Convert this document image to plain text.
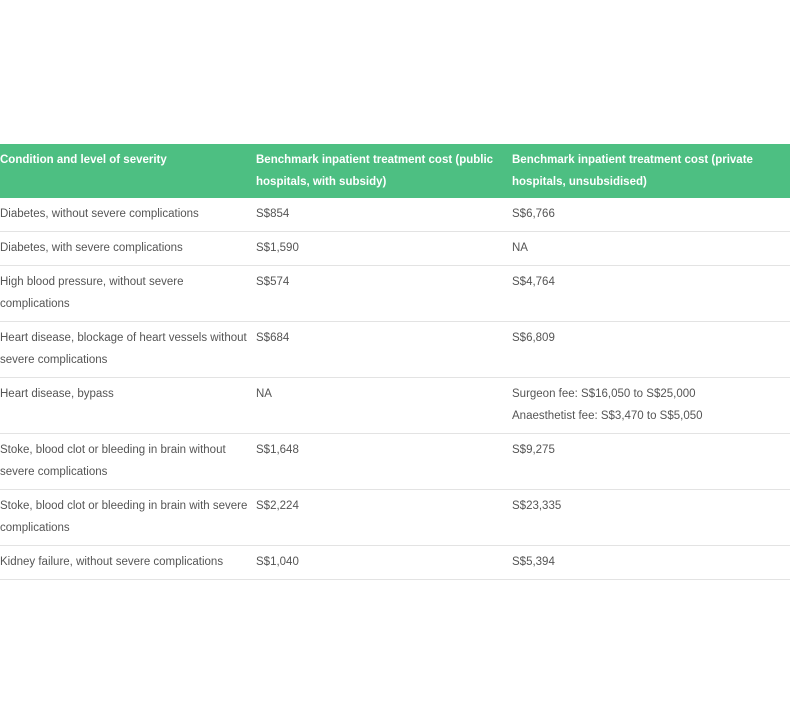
Condition and level of severity	Benchmark inpatient treatment cost (public hospitals, with subsidy)	Benchmark inpatient treatment cost (private hospitals, unsubsidised)
Diabetes, without severe complications	S$854	S$6,766

Diabetes, with severe complications	S$1,590	NA

High blood pressure, without severe complications	S$574	S$4,764

Heart disease, blockage of heart vessels without severe complications	S$684	S$6,809

Heart disease, bypass	NA	Surgeon fee: S$16,050 to S$25,000
Anaesthetist fee: S$3,470 to S$5,050

Stoke, blood clot or bleeding in brain without severe complications	S$1,648	S$9,275

Stoke, blood clot or bleeding in brain with severe complications	S$2,224	S$23,335

Kidney failure, without severe complications	S$1,040	S$5,394
